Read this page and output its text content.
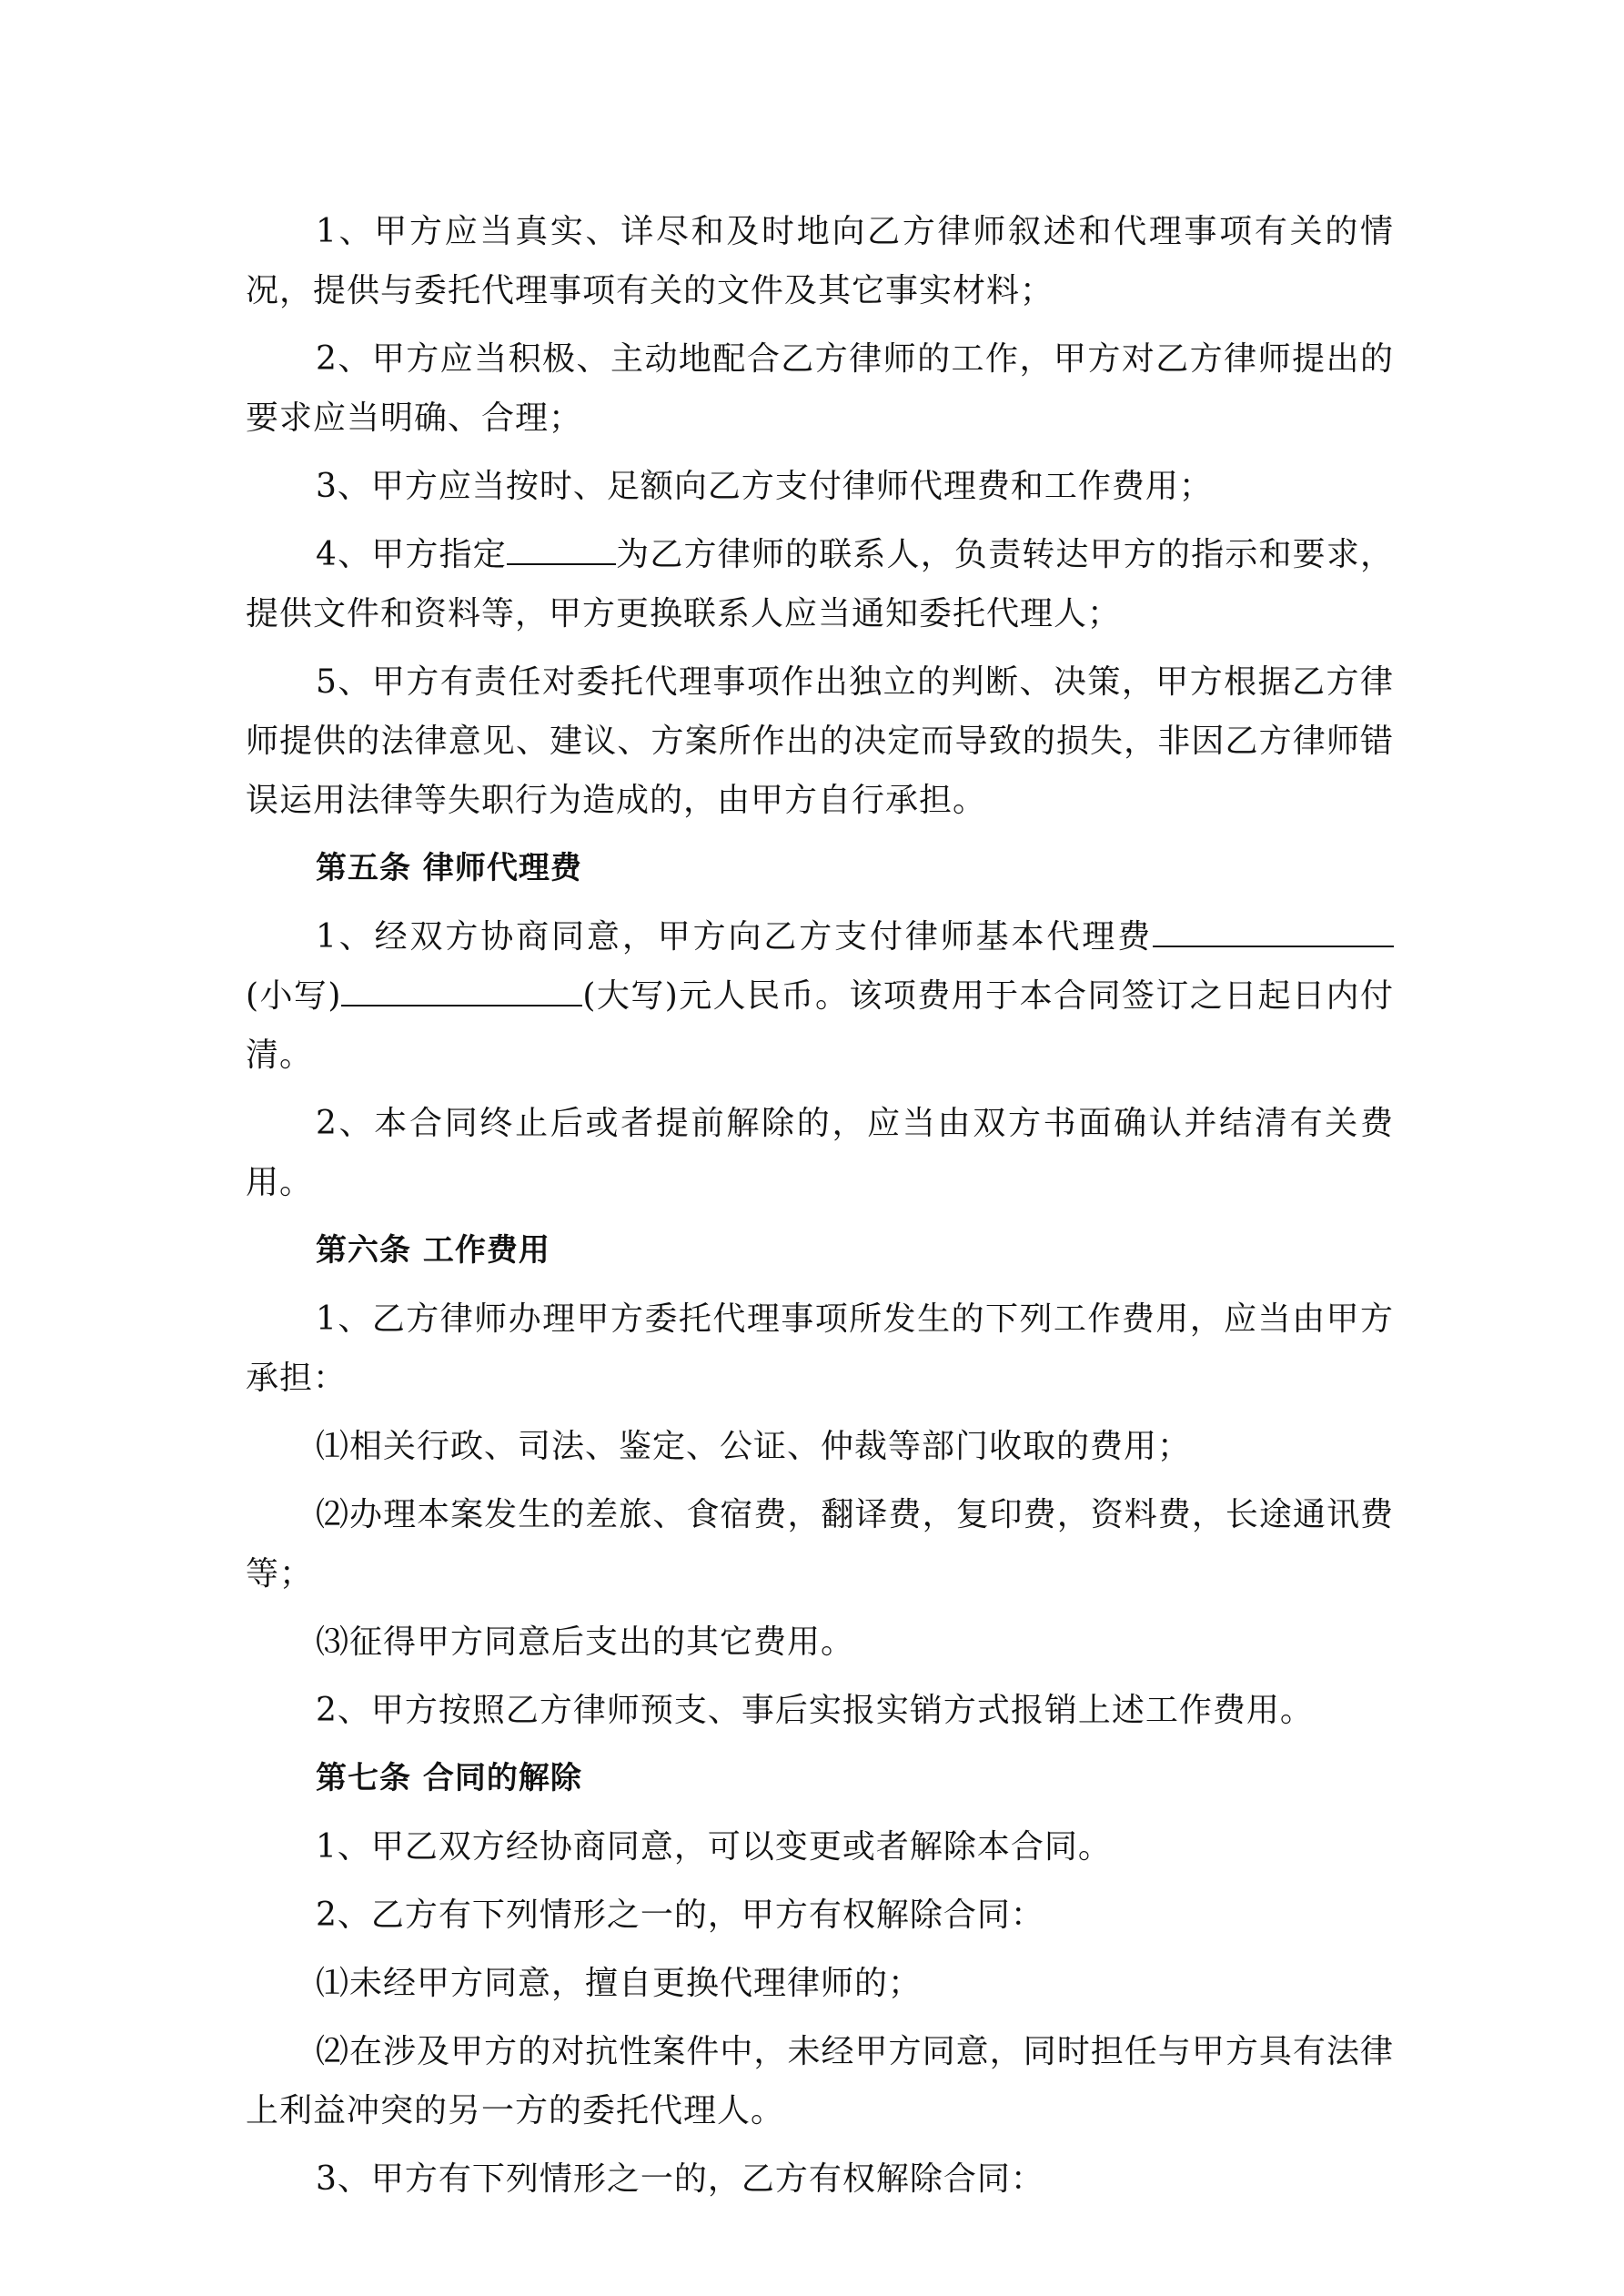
1、甲方应当真实、详尽和及时地向乙方律师叙述和代理事项有关的情况，提供与委托代理事项有关的文件及其它事实材料；

2、甲方应当积极、主动地配合乙方律师的工作，甲方对乙方律师提出的要求应当明确、合理；

3、甲方应当按时、足额向乙方支付律师代理费和工作费用；

4、甲方指定	为乙方律师的联系人，负责转达甲方的指示和要求，提供文件和资料等，甲方更换联系人应当通知委托代理人；

5、甲方有责任对委托代理事项作出独立的判断、决策，甲方根据乙方律师提供的法律意见、建议、方案所作出的决定而导致的损失，非因乙方律师错误运用法律等失职行为造成的，由甲方自行承担。

第五条 律师代理费

1、经双方协商同意，甲方向乙方支付律师基本代理费(小写)	(大写)元人民币。该项费用于本合同签订之日起日内付清。

2、本合同终止后或者提前解除的，应当由双方书面确认并结清有关费用。

第六条 工作费用

1、乙方律师办理甲方委托代理事项所发生的下列工作费用，应当由甲方承担：

⑴相关行政、司法、鉴定、公证、仲裁等部门收取的费用；

⑵办理本案发生的差旅、食宿费，翻译费，复印费，资料费，长途通讯费等；

⑶征得甲方同意后支出的其它费用。

2、甲方按照乙方律师预支、事后实报实销方式报销上述工作费用。

第七条 合同的解除

1、甲乙双方经协商同意，可以变更或者解除本合同。

2、乙方有下列情形之一的，甲方有权解除合同：

⑴未经甲方同意，擅自更换代理律师的；

⑵在涉及甲方的对抗性案件中，未经甲方同意，同时担任与甲方具有法律上利益冲突的另一方的委托代理人。

3、甲方有下列情形之一的，乙方有权解除合同：
